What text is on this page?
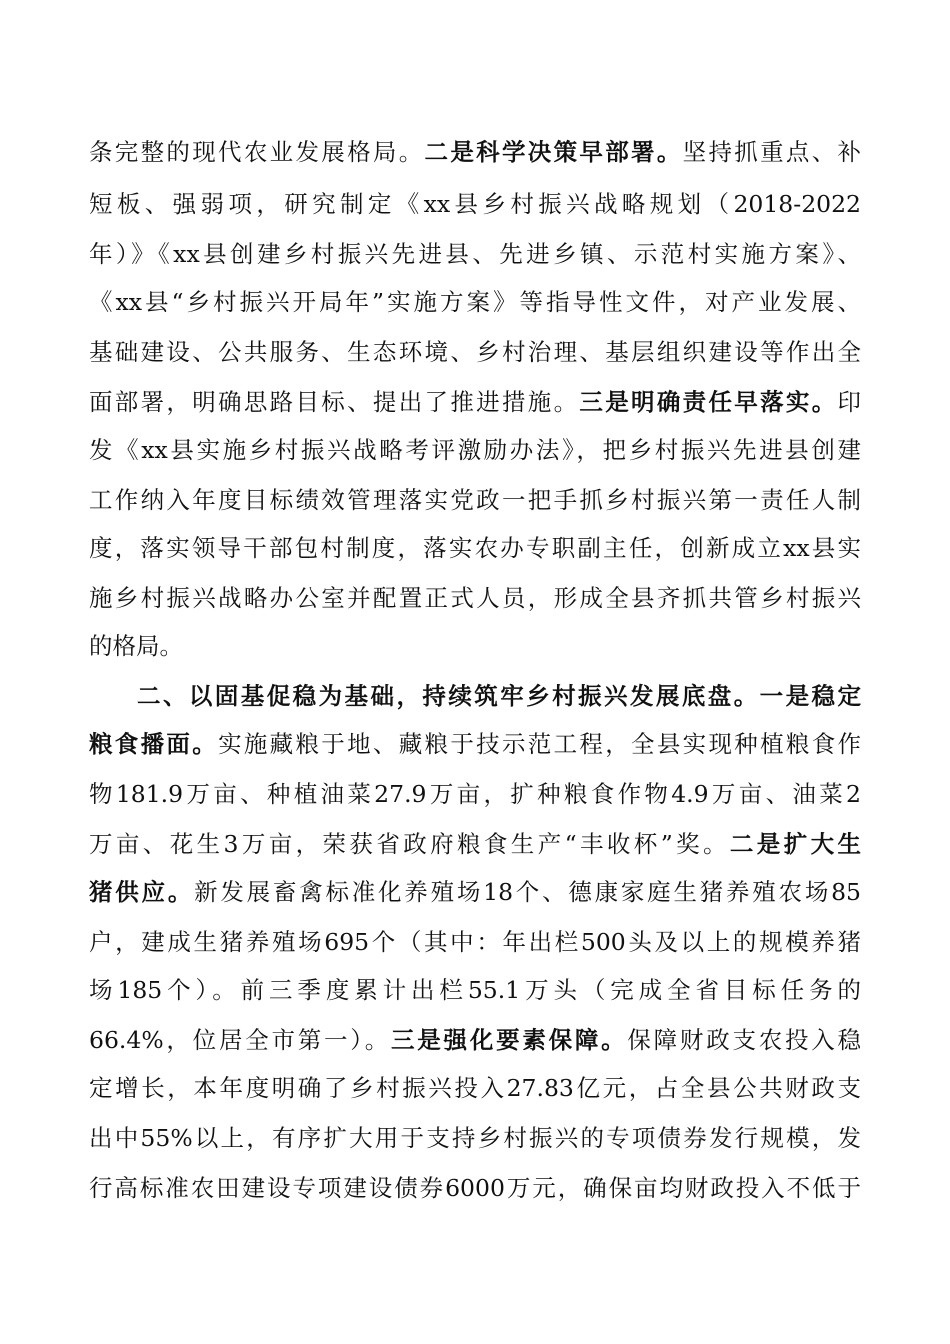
条完整的现代农业发展格局。二是科学决策早部署。坚持抓重点、补
短板、强弱项，研究制定《xx县乡村振兴战略规划（2018-2022
年）》《xx县创建乡村振兴先进县、先进乡镇、示范村实施方案》、
《xx县“乡村振兴开局年”实施方案》等指导性文件，对产业发展、
基础建设、公共服务、生态环境、乡村治理、基层组织建设等作出全
面部署，明确思路目标、提出了推进措施。三是明确责任早落实。印
发《xx县实施乡村振兴战略考评激励办法》，把乡村振兴先进县创建
工作纳入年度目标绩效管理落实党政一把手抓乡村振兴第一责任人制
度，落实领导干部包村制度，落实农办专职副主任，创新成立xx县实
施乡村振兴战略办公室并配置正式人员，形成全县齐抓共管乡村振兴
的格局。
二、以固基促稳为基础，持续筑牢乡村振兴发展底盘。一是稳定
粮食播面。实施藏粮于地、藏粮于技示范工程，全县实现种植粮食作
物181.9万亩、种植油菜27.9万亩，扩种粮食作物4.9万亩、油菜2
万亩、花生3万亩，荣获省政府粮食生产“丰收杯”奖。二是扩大生
猪供应。新发展畜禽标准化养殖场18个、德康家庭生猪养殖农场85
户，建成生猪养殖场695个（其中：年出栏500头及以上的规模养猪
场185个）。前三季度累计出栏55.1万头（完成全省目标任务的
66.4%，位居全市第一）。三是强化要素保障。保障财政支农投入稳
定增长，本年度明确了乡村振兴投入27.83亿元，占全县公共财政支
出中55%以上，有序扩大用于支持乡村振兴的专项债券发行规模，发
行高标准农田建设专项建设债券6000万元，确保亩均财政投入不低于
